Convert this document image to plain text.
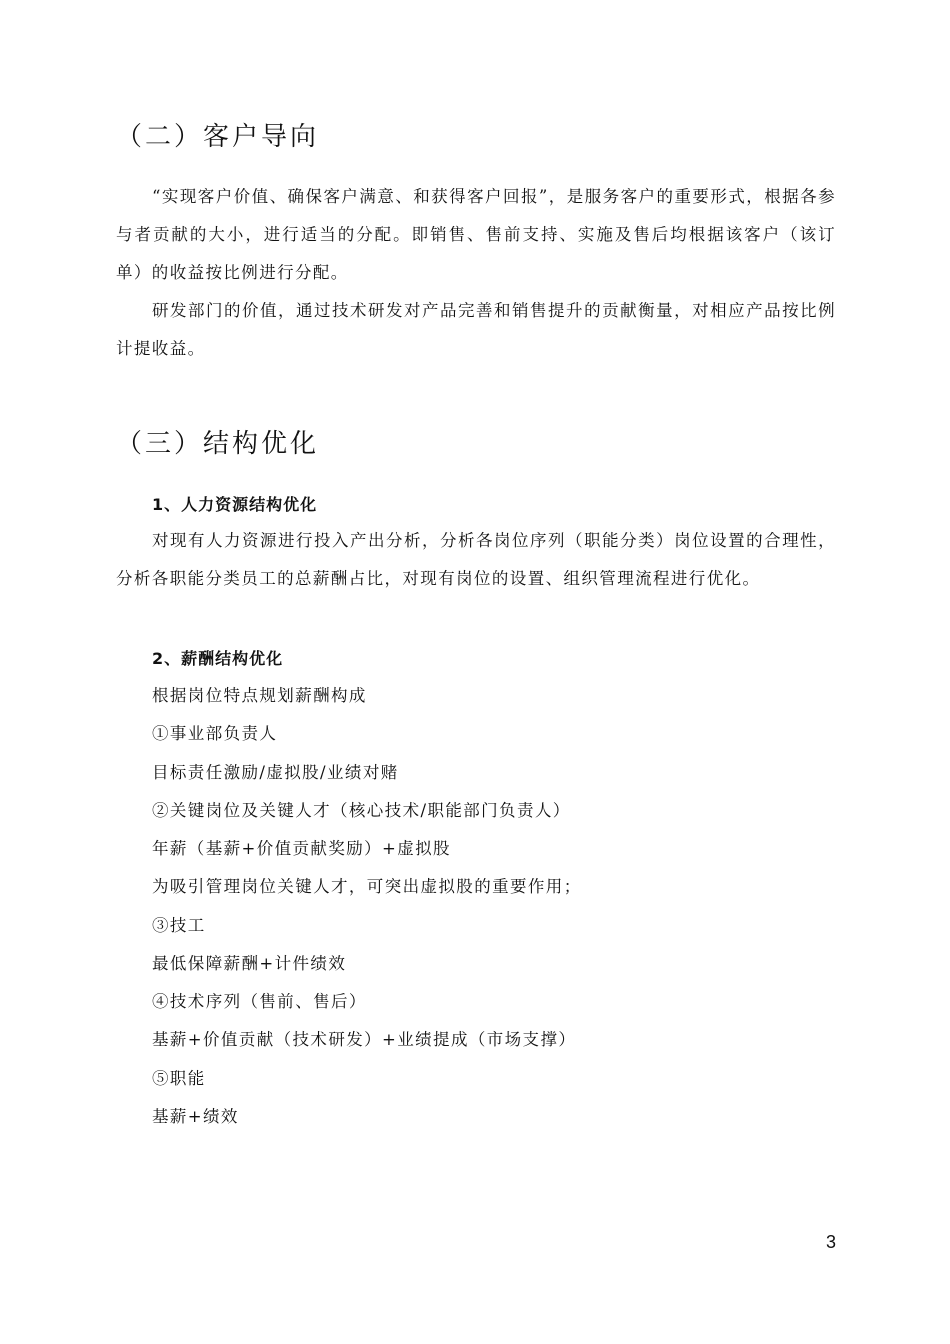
（二）客户导向

“实现客户价值、确保客户满意、和获得客户回报”，是服务客户的重要形式，根据各参与者贡献的大小，进行适当的分配。即销售、售前支持、实施及售后均根据该客户（该订单）的收益按比例进行分配。

研发部门的价值，通过技术研发对产品完善和销售提升的贡献衡量，对相应产品按比例计提收益。

（三）结构优化
1、人力资源结构优化

对现有人力资源进行投入产出分析，分析各岗位序列（职能分类）岗位设置的合理性，分析各职能分类员工的总薪酬占比，对现有岗位的设置、组织管理流程进行优化。

2、薪酬结构优化

根据岗位特点规划薪酬构成

①事业部负责人

目标责任激励/虚拟股/业绩对赌

②关键岗位及关键人才（核心技术/职能部门负责人）

年薪（基薪+价值贡献奖励）+虚拟股

为吸引管理岗位关键人才，可突出虚拟股的重要作用；

③技工

最低保障薪酬+计件绩效

④技术序列（售前、售后）

基薪+价值贡献（技术研发）+业绩提成（市场支撑）

⑤职能

基薪+绩效

3
